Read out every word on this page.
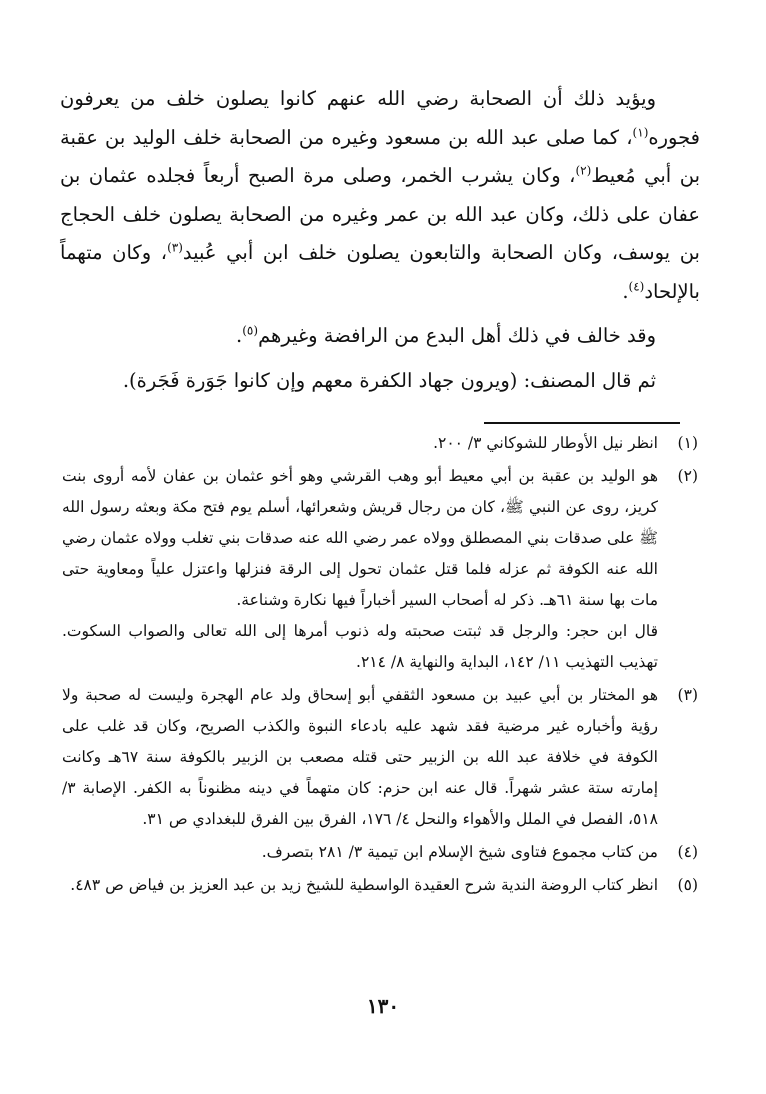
ويؤيد ذلك أن الصحابة رضي الله عنهم كانوا يصلون خلف من يعرفون فجوره$^{(١)}$، كما صلى عبد الله بن مسعود وغيره من الصحابة خلف الوليد بن عقبة بن أبي مُعيط$^{(٢)}$، وكان يشرب الخمر، وصلى مرة الصبح أربعاً فجلده عثمان بن عفان على ذلك، وكان عبد الله بن عمر وغيره من الصحابة يصلون خلف الحجاج بن يوسف، وكان الصحابة والتابعون يصلون خلف ابن أبي عُبيد$^{(٣)}$، وكان متهماً بالإلحاد$^{(٤)}$.

وقد خالف في ذلك أهل البدع من الرافضة وغيرهم$^{(٥)}$.

ثم قال المصنف: (ويرون جهاد الكفرة معهم وإن كانوا جَوَرة فَجَرة).

(١)

انظر نيل الأوطار للشوكاني ٣/ ٢٠٠.

(٢)

هو الوليد بن عقبة بن أبي معيط أبو وهب القرشي وهو أخو عثمان بن عفان لأمه أروى بنت كريز، روى عن النبي ﷺ، كان من رجال قريش وشعرائها، أسلم يوم فتح مكة وبعثه رسول الله ﷺ على صدقات بني المصطلق وولاه عمر رضي الله عنه صدقات بني تغلب وولاه عثمان رضي الله عنه الكوفة ثم عزله فلما قتل عثمان تحول إلى الرقة فنزلها واعتزل علياً ومعاوية حتى مات بها سنة ٦١هـ. ذكر له أصحاب السير أخباراً فيها نكارة وشناعة.

قال ابن حجر: والرجل قد ثبتت صحبته وله ذنوب أمرها إلى الله تعالى والصواب السكوت. تهذيب التهذيب ١١/ ١٤٢، البداية والنهاية ٨/ ٢١٤.

(٣)

هو المختار بن أبي عبيد بن مسعود الثقفي أبو إسحاق ولد عام الهجرة وليست له صحبة ولا رؤية وأخباره غير مرضية فقد شهد عليه بادعاء النبوة والكذب الصريح، وكان قد غلب على الكوفة في خلافة عبد الله بن الزبير حتى قتله مصعب بن الزبير بالكوفة سنة ٦٧هـ وكانت إمارته ستة عشر شهراً. قال عنه ابن حزم: كان متهماً في دينه مظنوناً به الكفر. الإصابة ٣/ ٥١٨، الفصل في الملل والأهواء والنحل ٤/ ١٧٦، الفرق بين الفرق للبغدادي ص ٣١.

(٤)

من كتاب مجموع فتاوى شيخ الإسلام ابن تيمية ٣/ ٢٨١ بتصرف.

(٥)

انظر كتاب الروضة الندية شرح العقيدة الواسطية للشيخ زيد بن عبد العزيز بن فياض ص ٤٨٣.

١٣٠
